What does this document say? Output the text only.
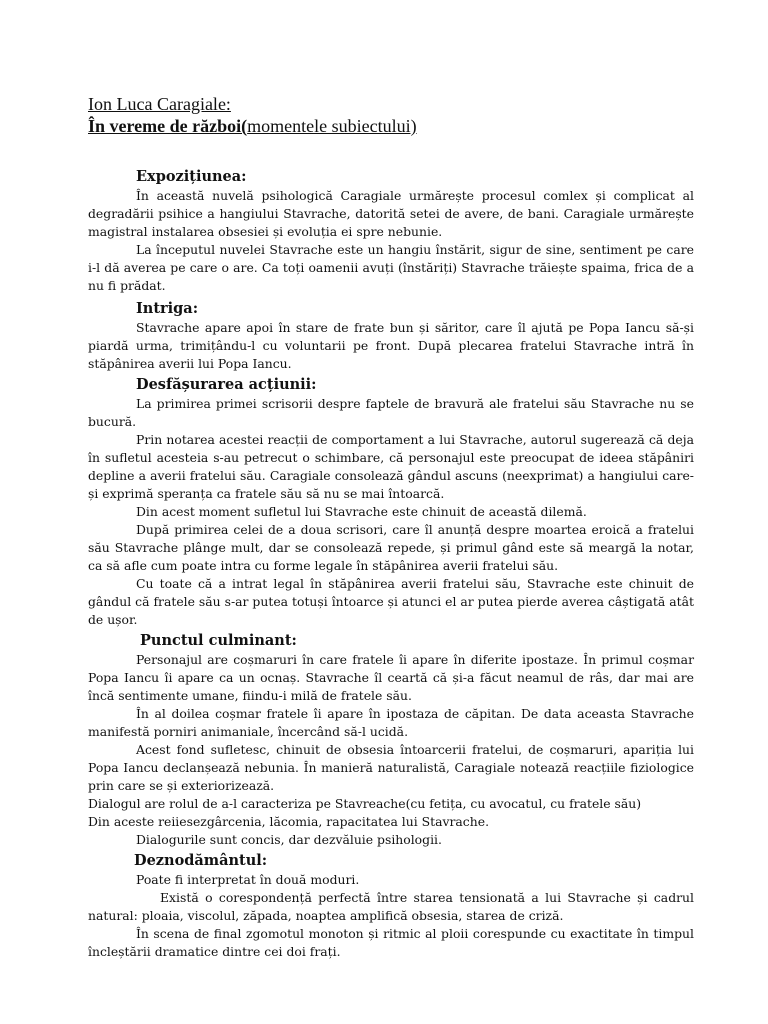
Ion Luca Caragiale:

În vereme de război(momentele subiectului)

Expozițiunea:

În această nuvelă psihologică Caragiale urmărește procesul comlex și complicat al degradării psihice a hangiului Stavrache, datorită setei de avere, de bani. Caragiale urmărește magistral instalarea obsesiei și evoluția ei spre nebunie.

La începutul nuvelei Stavrache este un hangiu înstărit, sigur de sine, sentiment pe care i-l dă averea pe care o are. Ca toți oamenii avuți (înstăriți) Stavrache trăiește spaima, frica de a nu fi prădat.

Intriga:

Stavrache apare apoi în stare de frate bun și săritor, care îl ajută pe Popa Iancu să-și piardă urma, trimițându-l cu voluntarii pe front. După plecarea fratelui Stavrache intră în stăpânirea averii lui Popa Iancu.

Desfășurarea acțiunii:

La primirea primei scrisorii despre faptele de bravură ale fratelui său Stavrache nu se bucură.

Prin notarea acestei reacții de comportament a lui Stavrache, autorul sugerează că deja în sufletul acesteia s-au petrecut o schimbare, că personajul este preocupat de ideea stăpâniri depline a averii fratelui său. Caragiale consolează gândul ascuns (neexprimat) a hangiului care-și exprimă speranța ca fratele său să nu se mai întoarcă.

Din acest moment sufletul lui Stavrache este chinuit de această dilemă.

După primirea celei de a doua scrisori, care îl anunță despre moartea eroică a fratelui său Stavrache plânge mult, dar se consolează repede, și primul gând este să meargă la notar, ca să afle cum poate intra cu forme legale în stăpânirea averii fratelui său.

Cu toate că a intrat legal în stăpânirea averii fratelui său, Stavrache este chinuit de gândul că fratele său s-ar putea totuși întoarce și atunci el ar putea pierde averea câștigată atât de ușor.

Punctul culminant:

Personajul are coșmaruri în care fratele îi apare în diferite ipostaze. În primul coșmar Popa Iancu îi apare ca un ocnaș. Stavrache îl ceartă că și-a făcut neamul de râs, dar mai are încă sentimente umane, fiindu-i milă de fratele său.

În al doilea coșmar fratele îi apare în ipostaza de căpitan. De data aceasta Stavrache manifestă porniri animaniale, încercând să-l ucidă.

Acest fond sufletesc, chinuit de obsesia întoarcerii fratelui, de coșmaruri, apariția lui Popa Iancu declanșează nebunia. În manieră naturalistă, Caragiale notează reacțiile fiziologice prin care se și exteriorizează.

Dialogul are rolul de a-l caracteriza pe Stavreache(cu fetița, cu avocatul, cu fratele său)

Din aceste reiiesezgârcenia, lăcomia, rapacitatea lui Stavrache.

Dialogurile sunt concis, dar dezvăluie psihologii.

Deznodământul:

Poate fi interpretat în două moduri.

Există o corespondență perfectă între starea tensionată a lui Stavrache și cadrul natural: ploaia, viscolul, zăpada, noaptea amplifică obsesia, starea de criză.

În scena de final zgomotul monoton și ritmic al ploii corespunde cu exactitate în timpul încleștării dramatice dintre cei doi frați.
